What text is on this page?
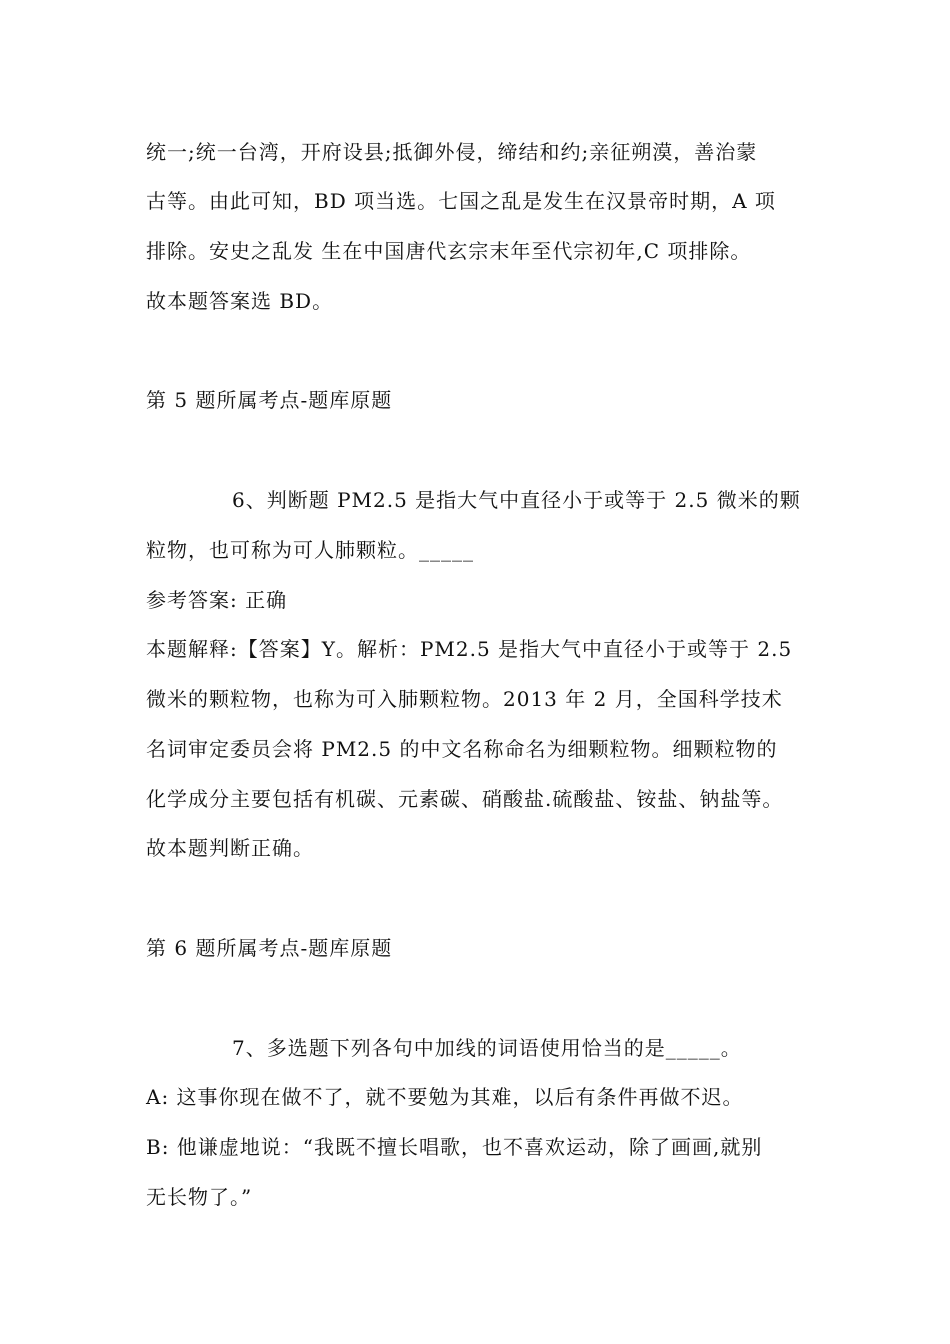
统一;统一台湾，开府设县;抵御外侵，缔结和约;亲征朔漠，善治蒙
古等。由此可知，BD 项当选。七国之乱是发生在汉景帝时期，A 项
排除。安史之乱发 生在中国唐代玄宗末年至代宗初年,C 项排除。
故本题答案选 BD。
第 5 题所属考点-题库原题
6、判断题 PM2.5 是指大气中直径小于或等于 2.5 微米的颗
粒物，也可称为可人肺颗粒。_____
参考答案: 正确
本题解释:【答案】Y。解析：PM2.5 是指大气中直径小于或等于 2.5
微米的颗粒物，也称为可入肺颗粒物。2013 年 2 月，全国科学技术
名词审定委员会将 PM2.5 的中文名称命名为细颗粒物。细颗粒物的
化学成分主要包括有机碳、元素碳、硝酸盐.硫酸盐、铵盐、钠盐等。
故本题判断正确。
第 6 题所属考点-题库原题
7、多选题下列各句中加线的词语使用恰当的是_____。
A: 这事你现在做不了，就不要勉为其难，以后有条件再做不迟。
B: 他谦虚地说：“我既不擅长唱歌，也不喜欢运动，除了画画,就别
无长物了。”
